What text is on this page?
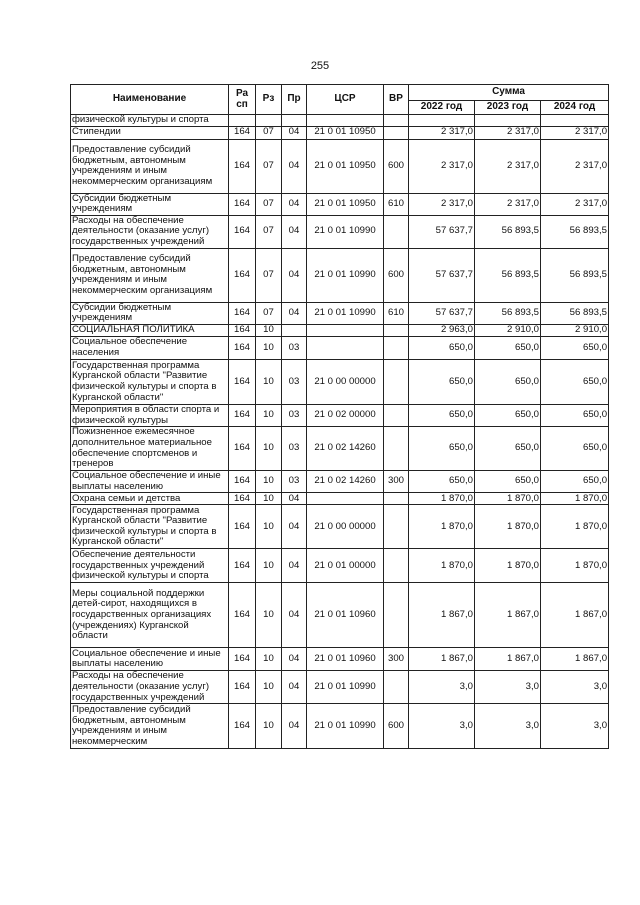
255
Наименование	Ра сп	Рз	Пр	ЦСР	ВР	Сумма		
						2022 год	2023 год	2024 год
физической культуры и спорта								
Стипендии	164	07	04	21 0 01 10950		2 317,0	2 317,0	2 317,0
Предоставление субсидий бюджетным, автономным учреждениям и иным некоммерческим организациям	164	07	04	21 0 01 10950	600	2 317,0	2 317,0	2 317,0
Субсидии бюджетным учреждениям	164	07	04	21 0 01 10950	610	2 317,0	2 317,0	2 317,0
Расходы на обеспечение деятельности (оказание услуг) государственных учреждений	164	07	04	21 0 01 10990		57 637,7	56 893,5	56 893,5
Предоставление субсидий бюджетным, автономным учреждениям и иным некоммерческим организациям	164	07	04	21 0 01 10990	600	57 637,7	56 893,5	56 893,5
Субсидии бюджетным учреждениям	164	07	04	21 0 01 10990	610	57 637,7	56 893,5	56 893,5
СОЦИАЛЬНАЯ ПОЛИТИКА	164	10				2 963,0	2 910,0	2 910,0
Социальное обеспечение населения	164	10	03			650,0	650,0	650,0
Государственная программа Курганской области "Развитие физической культуры и спорта в Курганской области"	164	10	03	21 0 00 00000		650,0	650,0	650,0
Мероприятия в области спорта и физической культуры	164	10	03	21 0 02 00000		650,0	650,0	650,0
Пожизненное ежемесячное дополнительное материальное обеспечение спортсменов и тренеров	164	10	03	21 0 02 14260		650,0	650,0	650,0
Социальное обеспечение и иные выплаты населению	164	10	03	21 0 02 14260	300	650,0	650,0	650,0
Охрана семьи и детства	164	10	04			1 870,0	1 870,0	1 870,0
Государственная программа Курганской области "Развитие физической культуры и спорта в Курганской области"	164	10	04	21 0 00 00000		1 870,0	1 870,0	1 870,0
Обеспечение деятельности государственных учреждений физической культуры и спорта	164	10	04	21 0 01 00000		1 870,0	1 870,0	1 870,0
Меры социальной поддержки детей-сирот, находящихся в государственных организациях (учреждениях) Курганской области	164	10	04	21 0 01 10960		1 867,0	1 867,0	1 867,0
Социальное обеспечение и иные выплаты населению	164	10	04	21 0 01 10960	300	1 867,0	1 867,0	1 867,0
Расходы на обеспечение деятельности (оказание услуг) государственных учреждений	164	10	04	21 0 01 10990		3,0	3,0	3,0
Предоставление субсидий бюджетным, автономным учреждениям и иным некоммерческим	164	10	04	21 0 01 10990	600	3,0	3,0	3,0
